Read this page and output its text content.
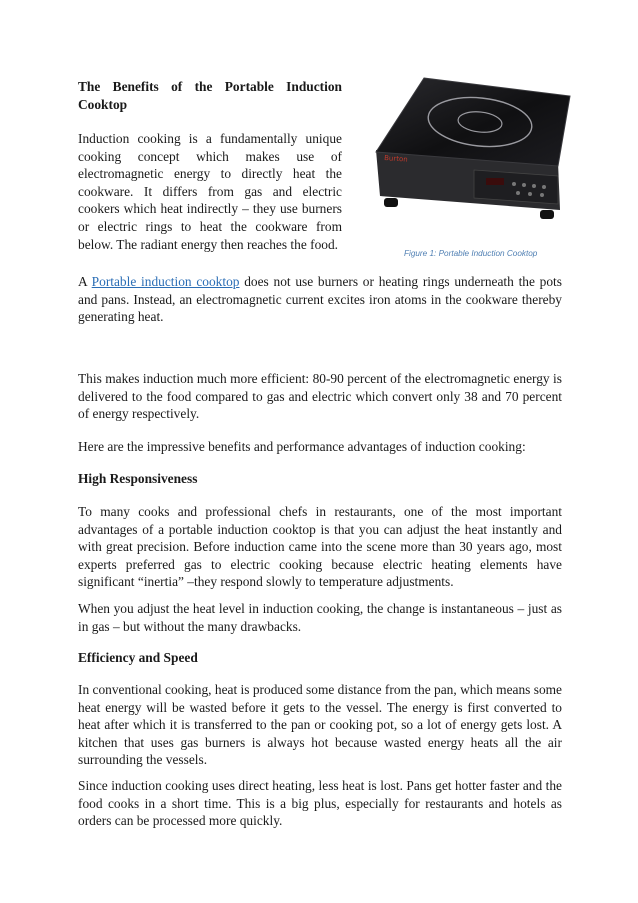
The Benefits of the Portable Induction Cooktop

Induction cooking is a fundamentally unique cooking concept which makes use of electromagnetic energy to directly heat the cookware. It differs from gas and electric cookers which heat indirectly – they use burners or electric rings to heat the cookware from below. The radiant energy then reaches the food.

Burton
Figure 1: Portable Induction Cooktop

A Portable induction cooktop does not use burners or heating rings underneath the pots and pans. Instead, an electromagnetic current excites iron atoms in the cookware thereby generating heat.

This makes induction much more efficient: 80-90 percent of the electromagnetic energy is delivered to the food compared to gas and electric which convert only 38 and 70 percent of energy respectively.

Here are the impressive benefits and performance advantages of induction cooking:

High Responsiveness

To many cooks and professional chefs in restaurants, one of the most important advantages of a portable induction cooktop is that you can adjust the heat instantly and with great precision. Before induction came into the scene more than 30 years ago, most experts preferred gas to electric cooking because electric heating elements have significant “inertia” –they respond slowly to temperature adjustments.

When you adjust the heat level in induction cooking, the change is instantaneous – just as in gas – but without the many drawbacks.

Efficiency and Speed

In conventional cooking, heat is produced some distance from the pan, which means some heat energy will be wasted before it gets to the vessel. The energy is first converted to heat after which it is transferred to the pan or cooking pot, so a lot of energy gets lost. A kitchen that uses gas burners is always hot because wasted energy heats all the air surrounding the vessels.

Since induction cooking uses direct heating, less heat is lost. Pans get hotter faster and the food cooks in a short time. This is a big plus, especially for restaurants and hotels as orders can be processed more quickly.
